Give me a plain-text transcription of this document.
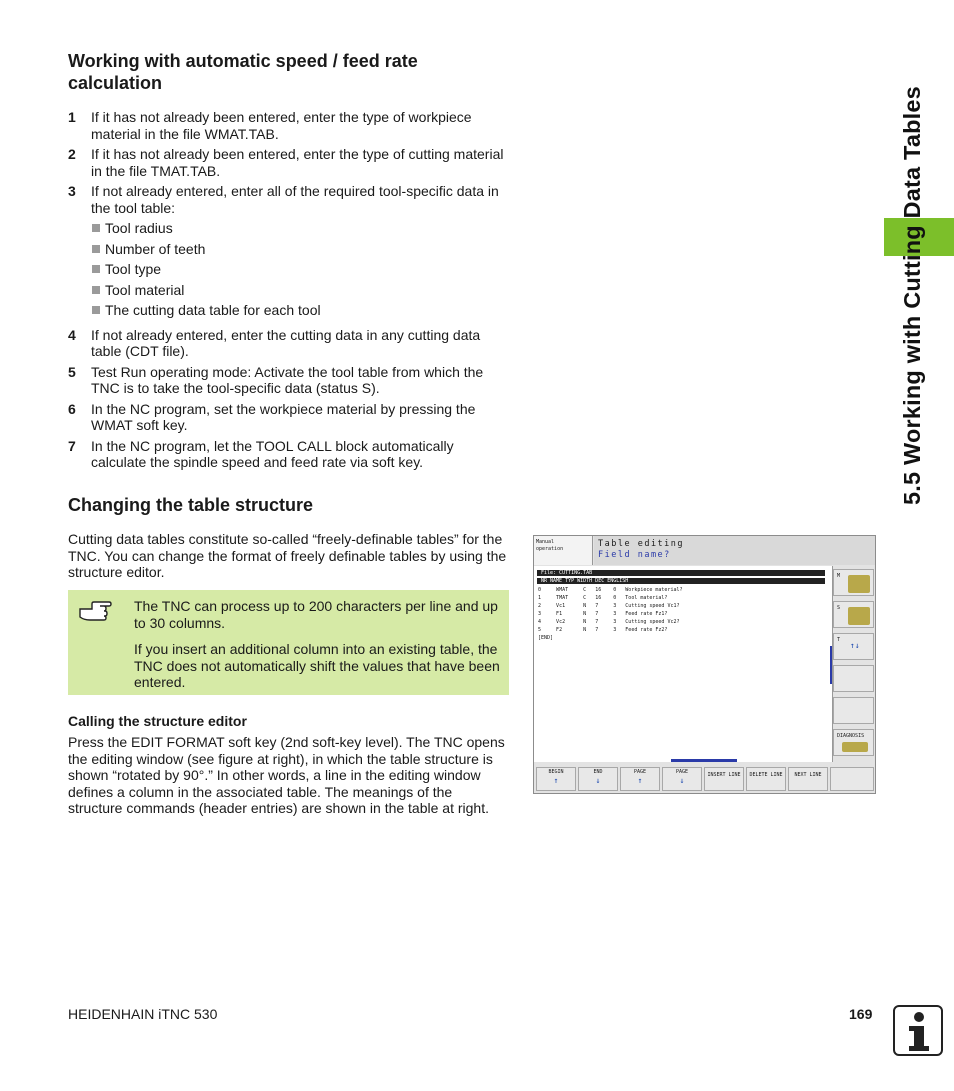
5.5 Working with Cutting Data Tables
Working with automatic speed / feed rate calculation
1 If it has not already been entered, enter the type of workpiece material in the file WMAT.TAB.
2 If it has not already been entered, enter the type of cutting material in the file TMAT.TAB.
3 If not already entered, enter all of the required tool-specific data in the tool table:
Tool radius
Number of teeth
Tool type
Tool material
The cutting data table for each tool
4 If not already entered, enter the cutting data in any cutting data table (CDT file).
5 Test Run operating mode: Activate the tool table from which the TNC is to take the tool-specific data (status S).
6 In the NC program, set the workpiece material by pressing the WMAT soft key.
7 In the NC program, let the TOOL CALL block automatically calculate the spindle speed and feed rate via soft key.
Changing the table structure
Cutting data tables constitute so-called “freely-definable tables” for the TNC. You can change the format of freely definable tables by using the structure editor.
The TNC can process up to 200 characters per line and up to 30 columns.
If you insert an additional column into an existing table, the TNC does not automatically shift the values that have been entered.
Calling the structure editor
Press the EDIT FORMAT soft key (2nd soft-key level). The TNC opens the editing window (see figure at right), in which the table structure is shown “rotated by 90°.” In other words, a line in the editing window defines a column in the associated table. The meanings of the structure commands (header entries) are shown in the table at right.
Manual
operation	Table editing
Field name?
File: CUTTING.TAB
NR NAME TYP WIDTH DEC ENGLISH
0     WMAT     C   16    0   Workpiece material?
1     TMAT     C   16    0   Tool material?
2     Vc1      N   7     3   Cutting speed Vc1?
3     F1       N   7     3   Feed rate Fz1?
4     Vc2      N   7     3   Cutting speed Vc2?
5     F2       N   7     3   Feed rate Fz2?
[END]
M
S
T
↑↓
DIAGNOSIS
BEGIN
↑
END
↓
PAGE
↑
PAGE
↓
INSERT LINE	DELETE LINE	NEXT LINE
HEIDENHAIN iTNC 530	169
